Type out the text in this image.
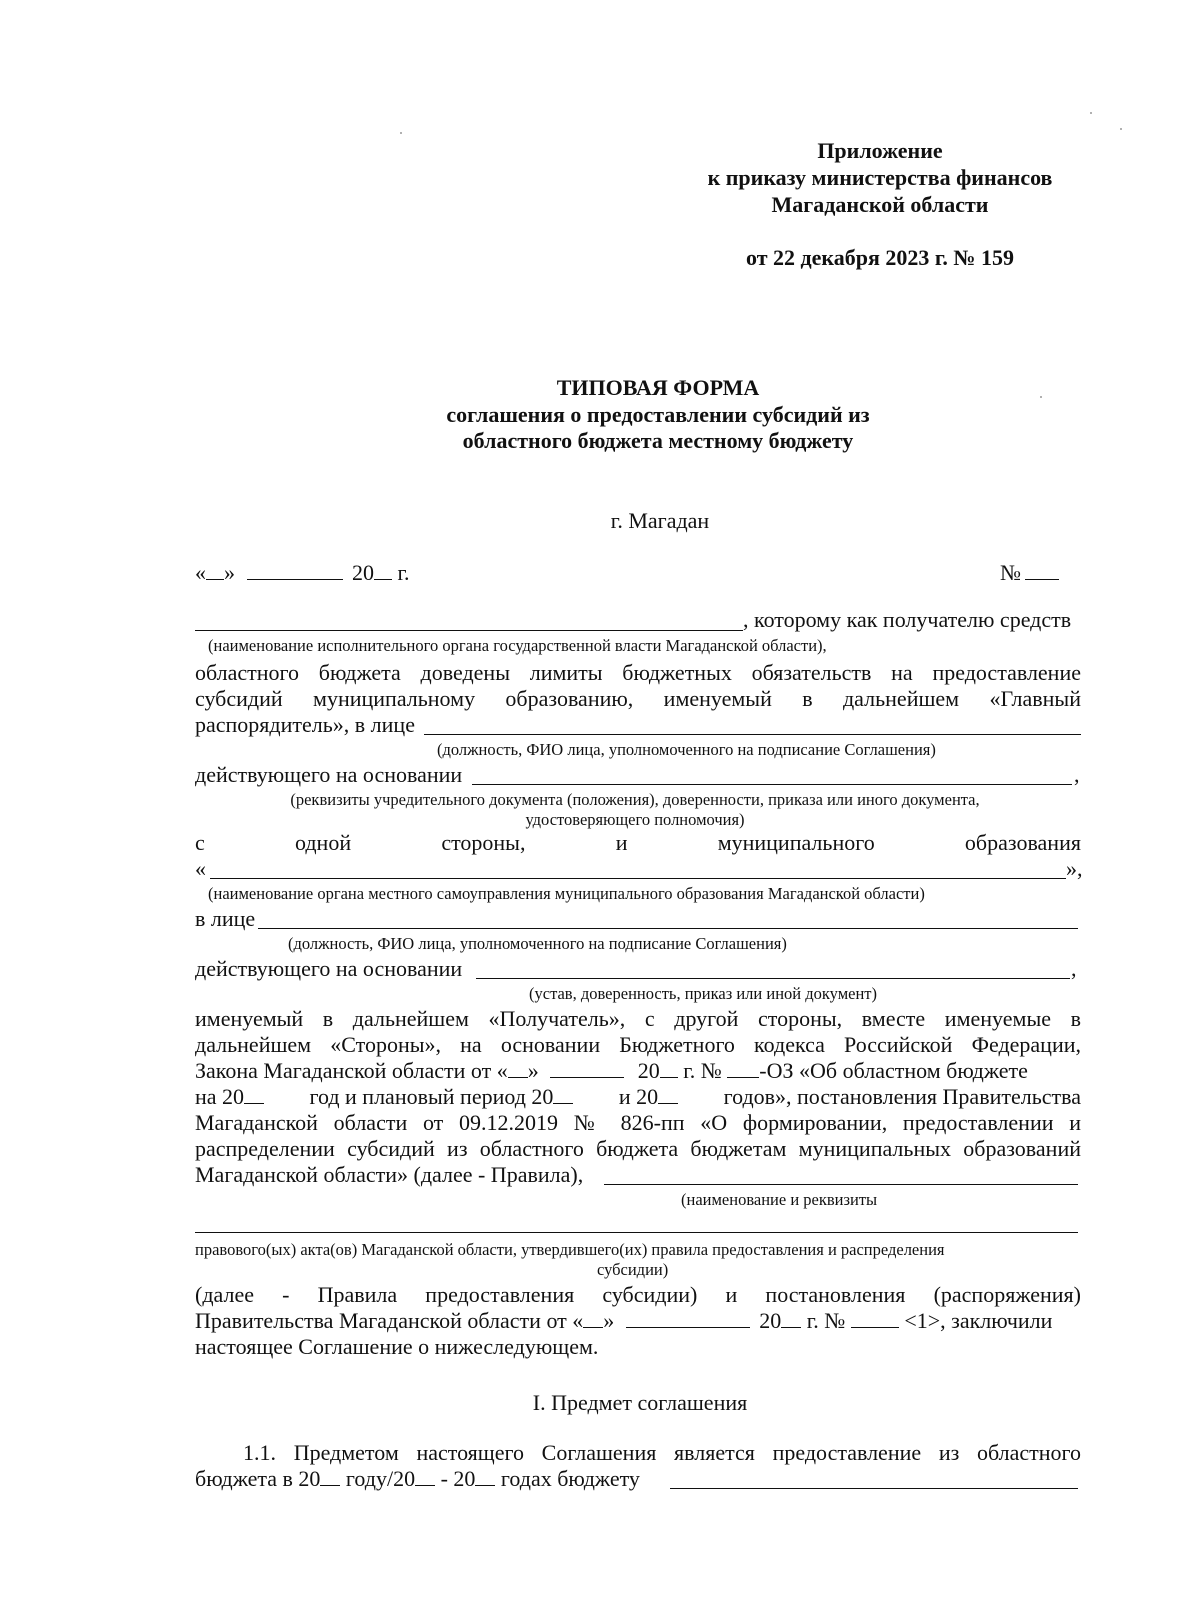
Приложение
к приказу министерства финансов
Магаданской области
от 22 декабря 2023 г. № 159
ТИПОВАЯ ФОРМА
соглашения о предоставлении субсидий из
областного бюджета местному бюджету
г. Магадан
« »	20 г.	№
, которому как получателю средств
(наименование исполнительного органа государственной власти Магаданской области),
областного бюджета доведены лимиты бюджетных обязательств на предоставление
субсидий муниципальному образованию, именуемый в дальнейшем «Главный
распорядитель», в лице
(должность, ФИО лица, уполномоченного на подписание Соглашения)
действующего на основании	,
(реквизиты учредительного документа (положения), доверенности, приказа или иного документа,
удостоверяющего полномочия)
с	одной	стороны,	и	муниципального	образования
«	»,
(наименование органа местного самоуправления муниципального образования Магаданской области)
в лице
(должность, ФИО лица, уполномоченного на подписание Соглашения)
действующего на основании	,
(устав, доверенность, приказ или иной документ)
именуемый в дальнейшем «Получатель», с другой стороны, вместе именуемые в
дальнейшем «Стороны», на основании Бюджетного кодекса Российской Федерации,
Закона Магаданской области от « »	20 г. № -ОЗ «Об областном бюджете
на 20	год и плановый период 20	и 20	годов», постановления Правительства
Магаданской области от 09.12.2019 № 826-пп «О формировании, предоставлении и
распределении субсидий из областного бюджета бюджетам муниципальных образований
Магаданской области» (далее - Правила),
(наименование и реквизиты
правового(ых) акта(ов) Магаданской области, утвердившего(их) правила предоставления и распределения
субсидии)
(далее - Правила предоставления субсидии) и постановления (распоряжения)
Правительства Магаданской области от « »	20 г. №	<1>, заключили
настоящее Соглашение о нижеследующем.
I. Предмет соглашения
1.1. Предметом настоящего Соглашения является предоставление из областного
бюджета в 20 году/20 - 20 годах бюджету
